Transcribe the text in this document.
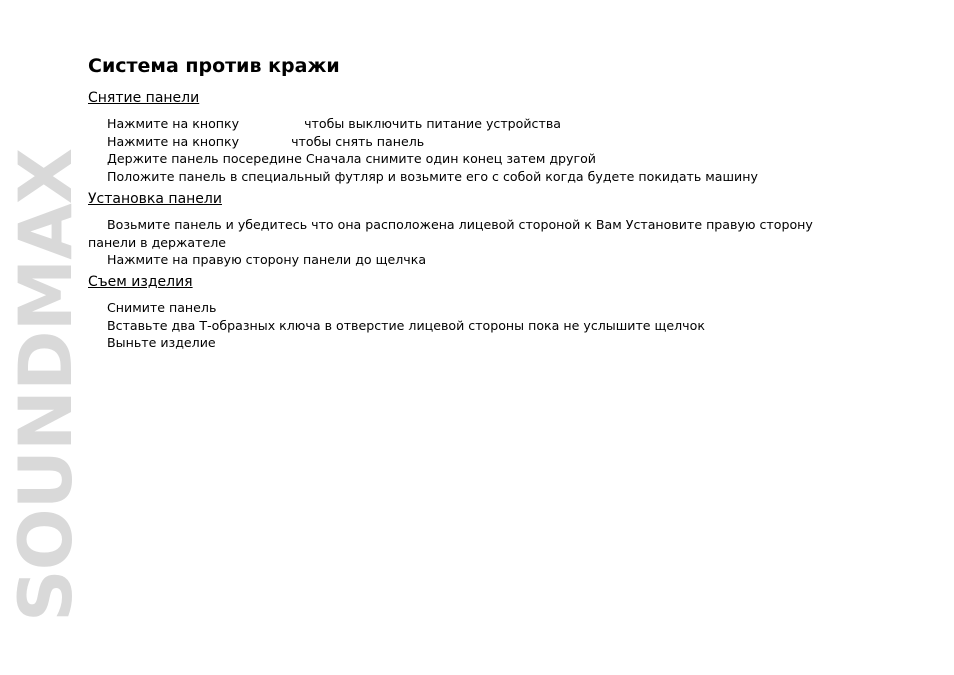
SOUNDMAX
Система против кражи
Снятие панели
Нажмите на кнопку	чтобы выключить питание устройства
Нажмите на кнопку	чтобы снять панель
Держите панель посередине Сначала снимите один конец затем другой
Положите панель в специальный футляр и возьмите его с собой когда будете покидать машину
Установка панели
Возьмите панель и убедитесь что она расположена лицевой стороной к Вам Установите правую сторону
панели в держателе
Нажмите на правую сторону панели до щелчка
Съем изделия
Снимите панель
Вставьте два Т-образных ключа в отверстие лицевой стороны пока не услышите щелчок
Выньте изделие
